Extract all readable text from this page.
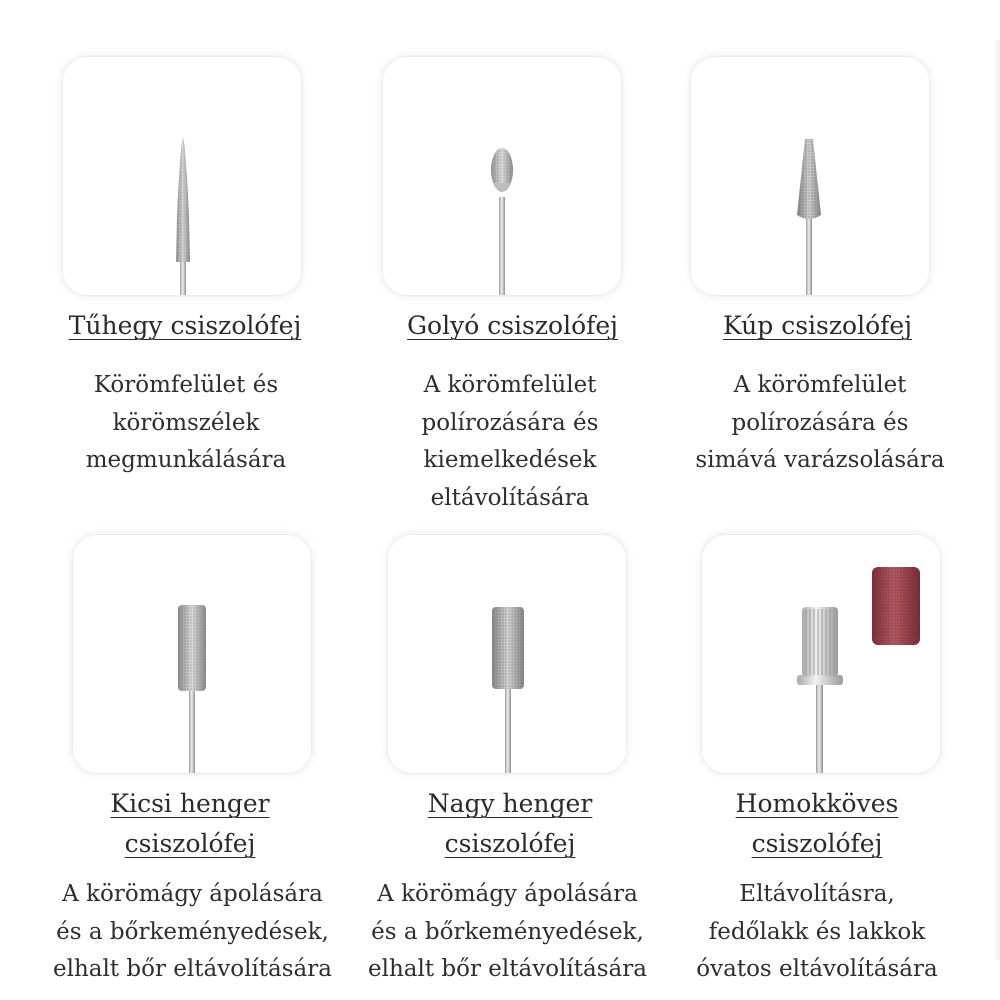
Tűhegy csiszolófej	Golyó csiszolófej	Kúp csiszolófej
Körömfelület és
körömszélek
megmunkálására
A körömfelület
polírozására és
kiemelkedések
eltávolítására
A körömfelület
polírozására és
simává varázsolására
Kicsi henger
csiszolófej
Nagy henger
csiszolófej
Homokköves
csiszolófej
A körömágy ápolására
és a bőrkeményedések,
elhalt bőr eltávolítására
A körömágy ápolására
és a bőrkeményedések,
elhalt bőr eltávolítására
Eltávolításra,
fedőlakk és lakkok
óvatos eltávolítására
